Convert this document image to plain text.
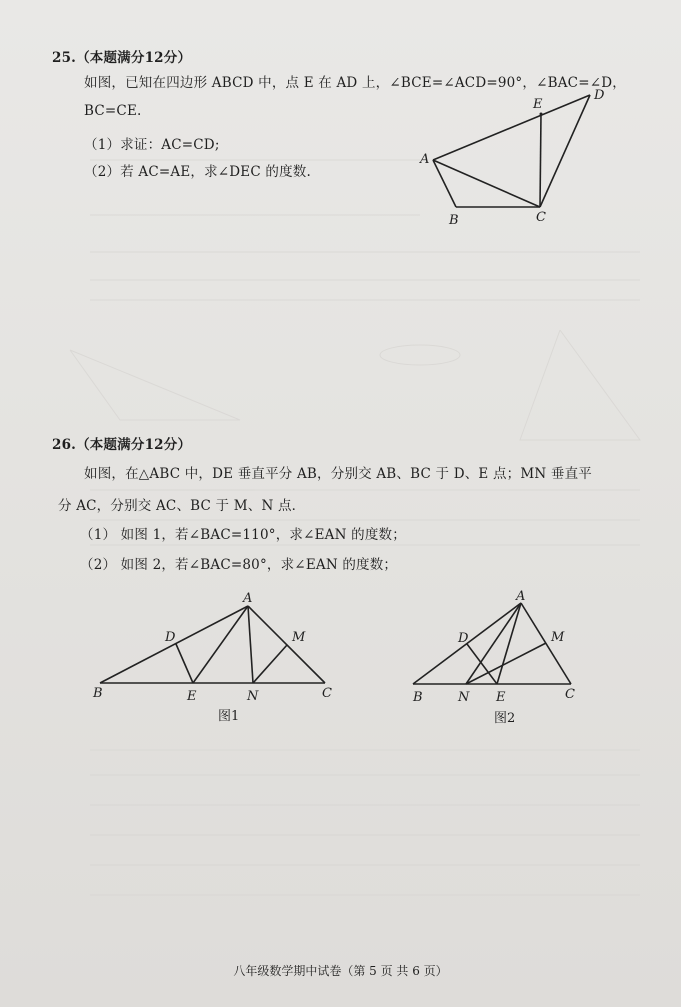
25.（本题满分12分）
如图，已知在四边形 ABCD 中，点 E 在 AD 上，∠BCE=∠ACD=90°，∠BAC=∠D，
BC=CE.
（1）求证：AC=CD;
（2）若 AC=AE，求∠DEC 的度数.
A
B	C
D
E
26.（本题满分12分）
如图，在△ABC 中，DE 垂直平分 AB，分别交 AB、BC 于 D、E 点；MN 垂直平
分 AC，分别交 AC、BC 于 M、N 点．
（1） 如图 1，若∠BAC=110°，求∠EAN 的度数；
（2） 如图 2，若∠BAC=80°，求∠EAN 的度数；
A
B	C
D
E
M
N
图1
A
B	C
D
E
M
N
图2
八年级数学期中试卷（第 5 页 共 6 页）
